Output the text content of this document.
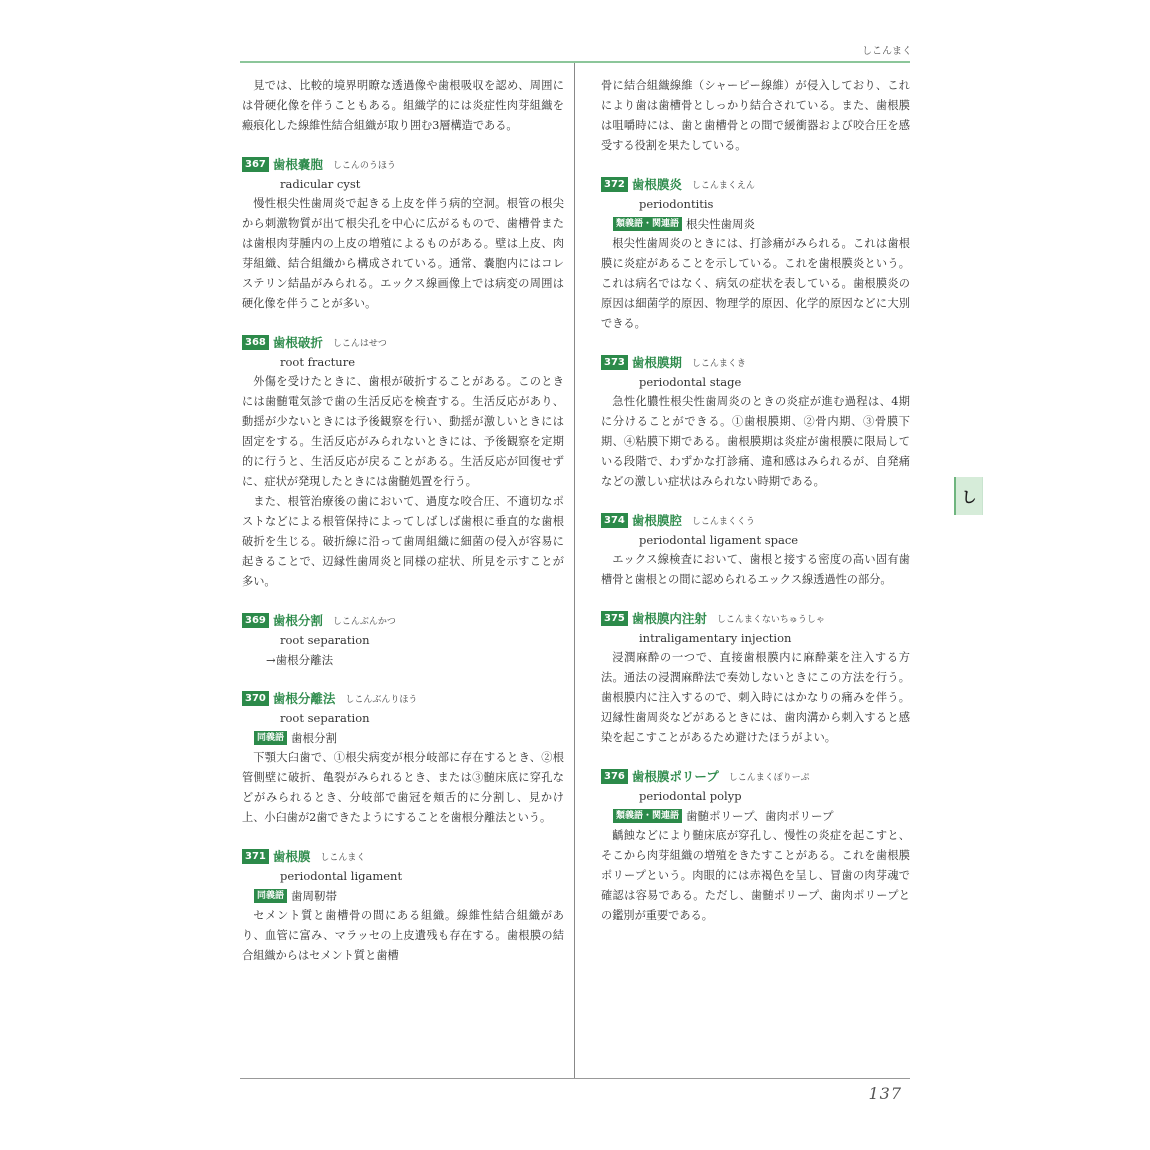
しこんまく
137
し

見では、比較的境界明瞭な透過像や歯根吸収を認め、周囲には骨硬化像を伴うこともある。組織学的には炎症性肉芽組織を瘢痕化した線維性結合組織が取り囲む3層構造である。

367 歯根嚢胞 しこんのうほう
radicular cyst

慢性根尖性歯周炎で起きる上皮を伴う病的空洞。根管の根尖から刺激物質が出て根尖孔を中心に広がるもので、歯槽骨または歯根肉芽腫内の上皮の増殖によるものがある。壁は上皮、肉芽組織、結合組織から構成されている。通常、嚢胞内にはコレステリン結晶がみられる。エックス線画像上では病変の周囲は硬化像を伴うことが多い。

368 歯根破折 しこんはせつ
root fracture

外傷を受けたときに、歯根が破折することがある。このときには歯髄電気診で歯の生活反応を検査する。生活反応があり、動揺が少ないときには予後観察を行い、動揺が激しいときには固定をする。生活反応がみられないときには、予後観察を定期的に行うと、生活反応が戻ることがある。生活反応が回復せずに、症状が発現したときには歯髄処置を行う。

また、根管治療後の歯において、過度な咬合圧、不適切なポストなどによる根管保持によってしばしば歯根に垂直的な歯根破折を生じる。破折線に沿って歯周組織に細菌の侵入が容易に起きることで、辺縁性歯周炎と同様の症状、所見を示すことが多い。

369 歯根分割 しこんぶんかつ
root separation
→歯根分離法
370 歯根分離法 しこんぶんりほう
root separation
同義語 歯根分割

下顎大臼歯で、①根尖病変が根分岐部に存在するとき、②根管側壁に破折、亀裂がみられるとき、または③髄床底に穿孔などがみられるとき、分岐部で歯冠を頬舌的に分割し、見かけ上、小臼歯が2歯できたようにすることを歯根分離法という。

371 歯根膜 しこんまく
periodontal ligament
同義語 歯周靭帯

セメント質と歯槽骨の間にある組織。線維性結合組織があり、血管に富み、マラッセの上皮遺残も存在する。歯根膜の結合組織からはセメント質と歯槽

骨に結合組織線維（シャーピー線維）が侵入しており、これにより歯は歯槽骨としっかり結合されている。また、歯根膜は咀嚼時には、歯と歯槽骨との間で緩衝器および咬合圧を感受する役割を果たしている。

372 歯根膜炎 しこんまくえん
periodontitis
類義語・関連語 根尖性歯周炎

根尖性歯周炎のときには、打診痛がみられる。これは歯根膜に炎症があることを示している。これを歯根膜炎という。これは病名ではなく、病気の症状を表している。歯根膜炎の原因は細菌学的原因、物理学的原因、化学的原因などに大別できる。

373 歯根膜期 しこんまくき
periodontal stage

急性化膿性根尖性歯周炎のときの炎症が進む過程は、4期に分けることができる。①歯根膜期、②骨内期、③骨膜下期、④粘膜下期である。歯根膜期は炎症が歯根膜に限局している段階で、わずかな打診痛、違和感はみられるが、自発痛などの激しい症状はみられない時期である。

374 歯根膜腔 しこんまくくう
periodontal ligament space

エックス線検査において、歯根と接する密度の高い固有歯槽骨と歯根との間に認められるエックス線透過性の部分。

375 歯根膜内注射 しこんまくないちゅうしゃ
intraligamentary injection

浸潤麻酔の一つで、直接歯根膜内に麻酔薬を注入する方法。通法の浸潤麻酔法で奏効しないときにこの方法を行う。歯根膜内に注入するので、刺入時にはかなりの痛みを伴う。辺縁性歯周炎などがあるときには、歯肉溝から刺入すると感染を起こすことがあるため避けたほうがよい。

376 歯根膜ポリープ しこんまくぽりーぷ
periodontal polyp
類義語・関連語 歯髄ポリープ、歯肉ポリープ

齲蝕などにより髄床底が穿孔し、慢性の炎症を起こすと、そこから肉芽組織の増殖をきたすことがある。これを歯根膜ポリープという。肉眼的には赤褐色を呈し、冒歯の肉芽魂で確認は容易である。ただし、歯髄ポリープ、歯肉ポリープとの鑑別が重要である。
